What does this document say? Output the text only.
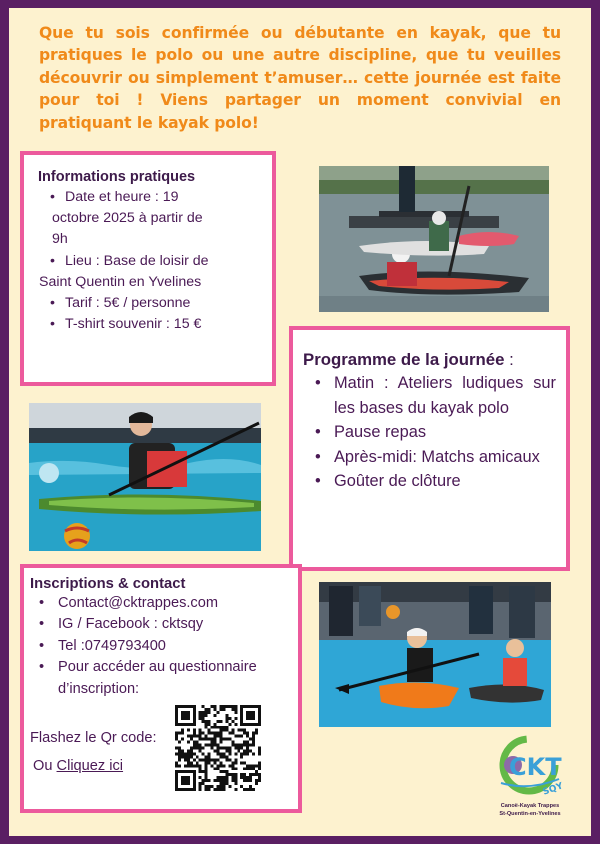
Que tu sois confirmée ou débutante en kayak, que tu pratiques le polo ou une autre discipline, que tu veuilles découvrir ou simplement t’amuser… cette journée est faite pour toi ! Viens partager un moment convivial en pratiquant le kayak polo!

Informations pratiques
• Date et heure : 19
octobre 2025 à partir de
9h
• Lieu : Base de loisir de
Saint Quentin en Yvelines
• Tarif : 5€ / personne
• T-shirt souvenir : 15 €
Programme de la journée :
• Matin : Ateliers ludiques sur les bases du kayak polo
• Pause repas
• Après-midi: Matchs amicaux
• Goûter de clôture
Inscriptions & contact
• Contact@cktrappes.com
• IG / Facebook : cktsqy
• Tel :0749793400
• Pour accéder au questionnaire d’inscription:
Flashez le Qr code:
Ou Cliquez ici	CKT
SQY
Canoë-Kayak Trappes
St-Quentin-en-Yvelines
